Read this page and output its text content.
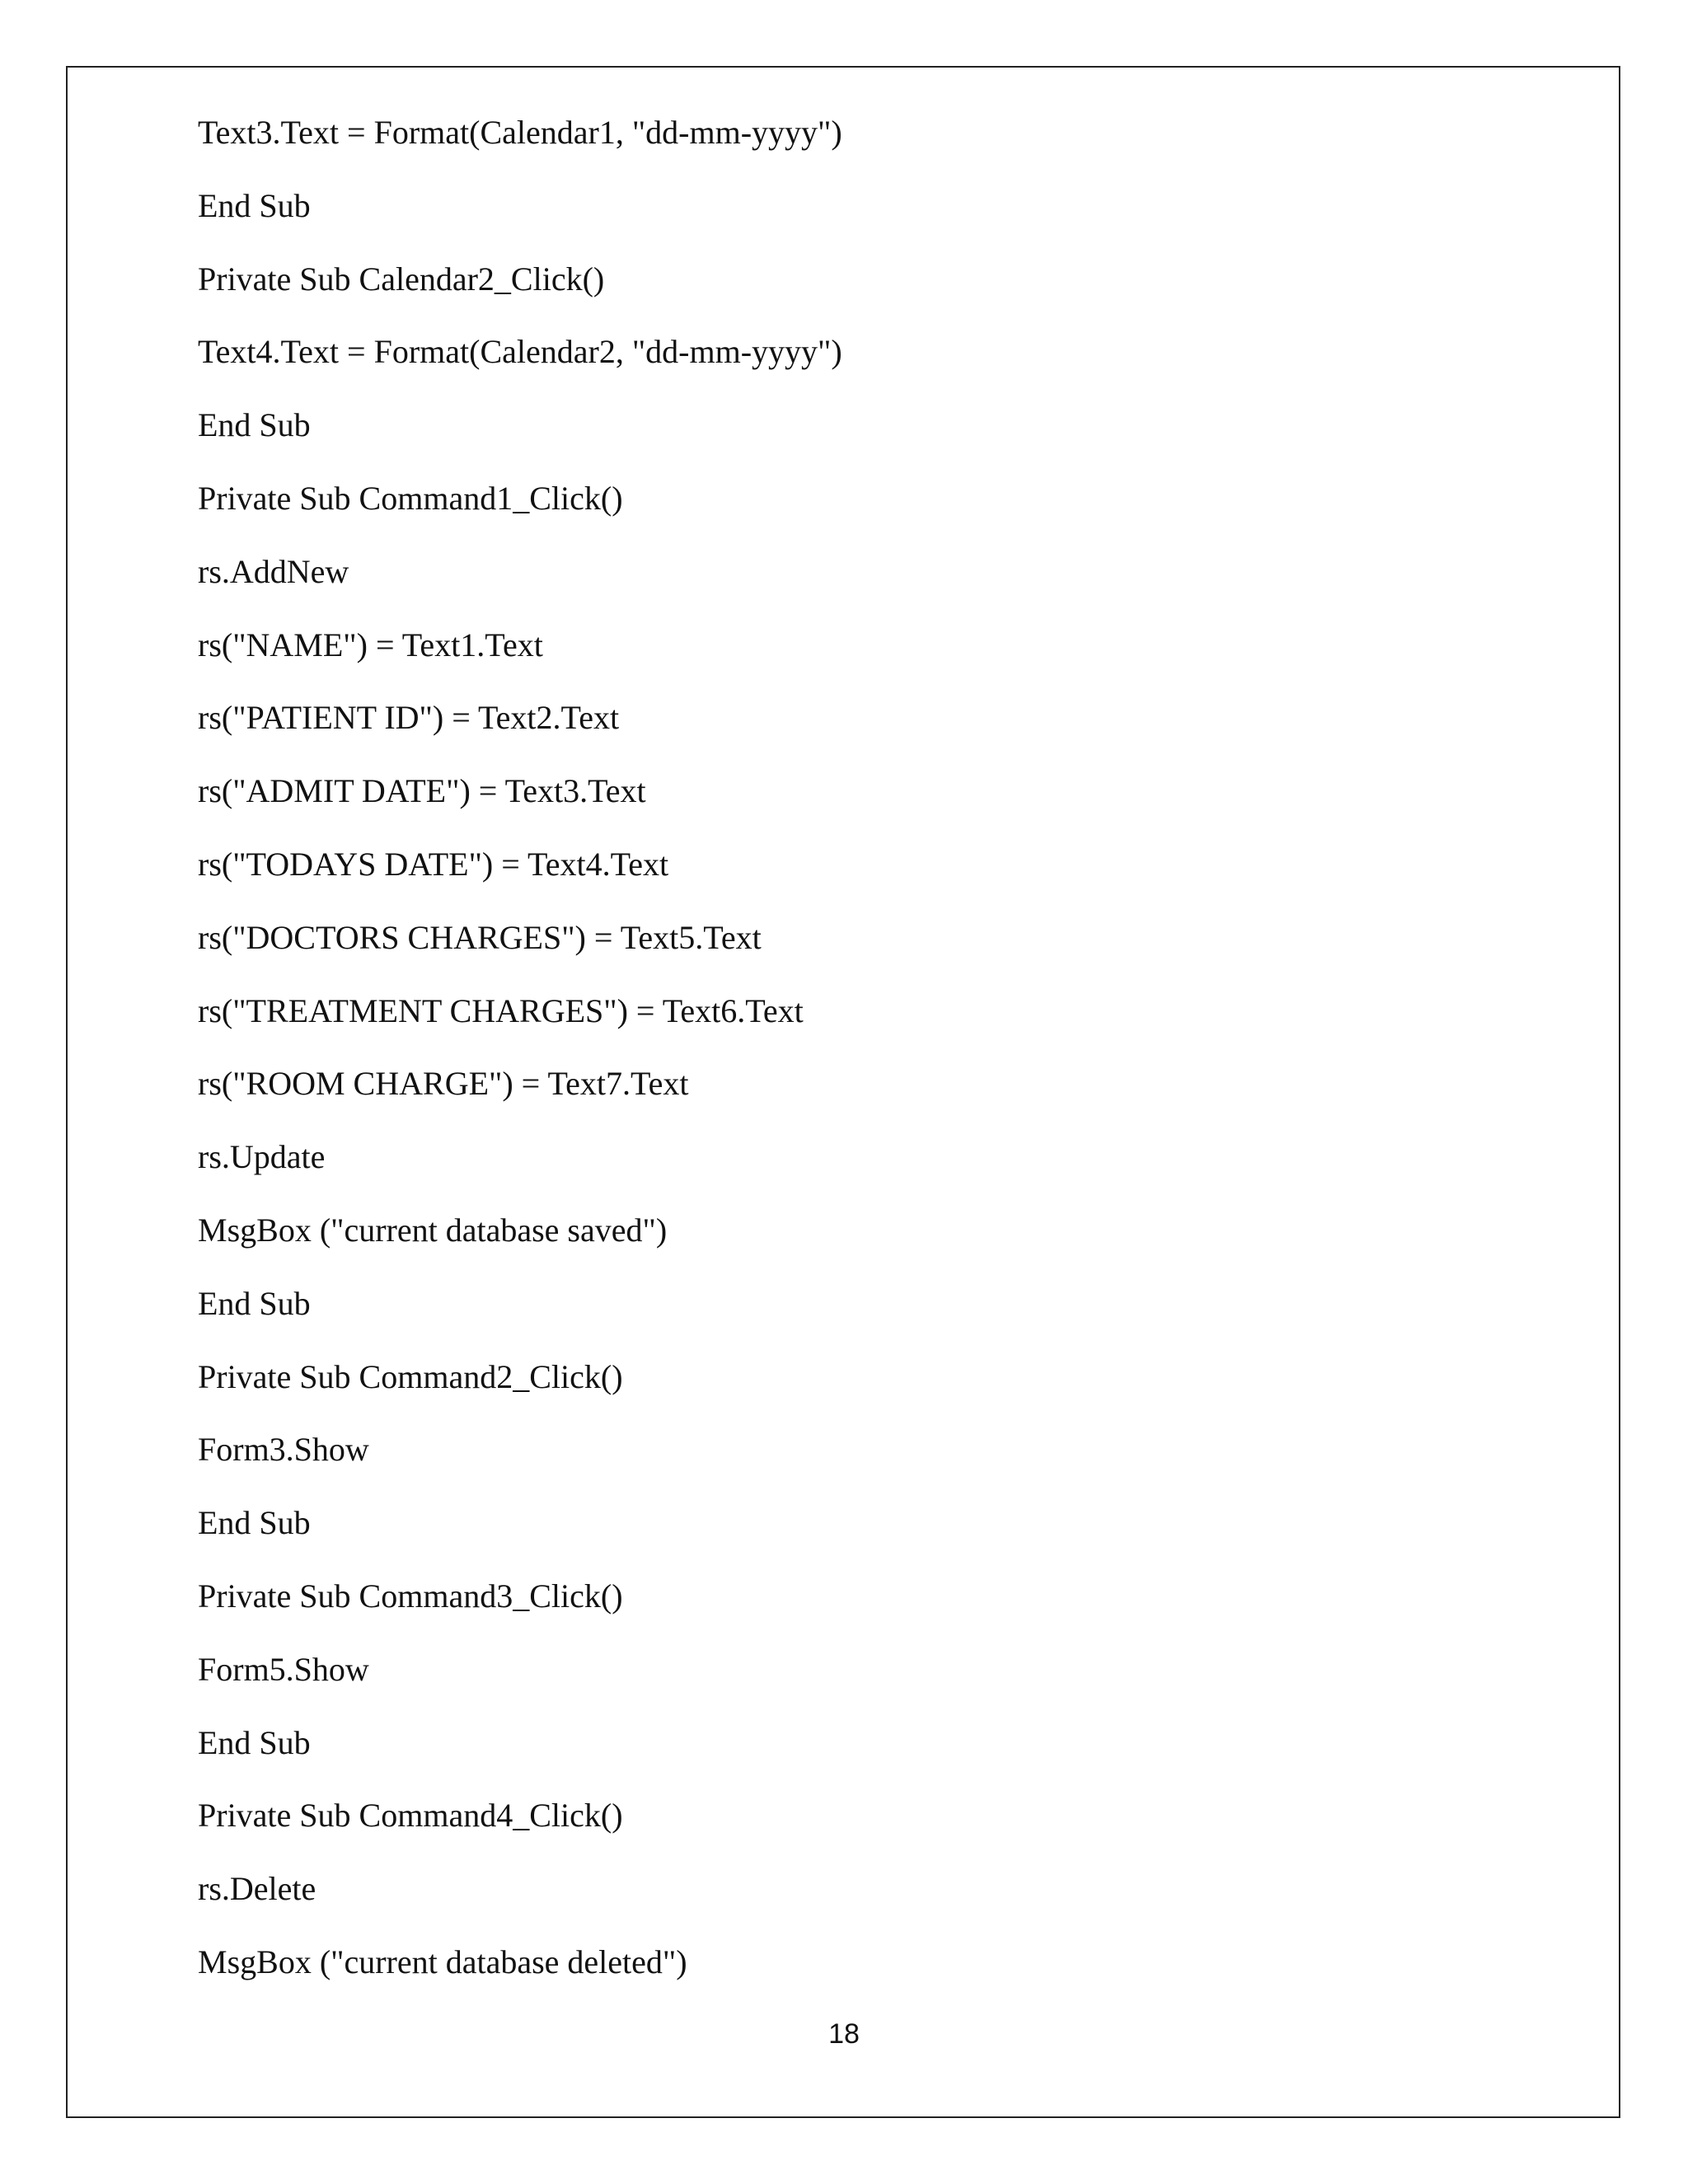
Text3.Text = Format(Calendar1, "dd-mm-yyyy")
End Sub
Private Sub Calendar2_Click()
Text4.Text = Format(Calendar2, "dd-mm-yyyy")
End Sub
Private Sub Command1_Click()
rs.AddNew
rs("NAME") = Text1.Text
rs("PATIENT ID") = Text2.Text
rs("ADMIT DATE") = Text3.Text
rs("TODAYS DATE") = Text4.Text
rs("DOCTORS CHARGES") = Text5.Text
rs("TREATMENT CHARGES") = Text6.Text
rs("ROOM CHARGE") = Text7.Text
rs.Update
MsgBox ("current database saved")
End Sub
Private Sub Command2_Click()
Form3.Show
End Sub
Private Sub Command3_Click()
Form5.Show
End Sub
Private Sub Command4_Click()
rs.Delete
MsgBox ("current database deleted")
18
